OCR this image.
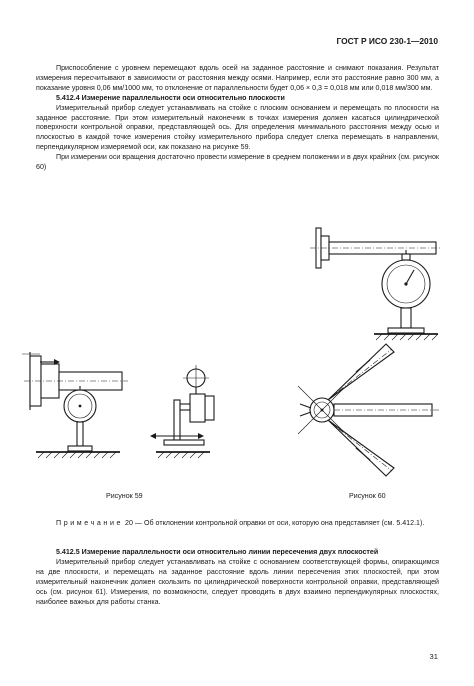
ГОСТ Р ИСО 230-1—2010

Приспособление с уровнем перемещают вдоль осей на заданное расстояние и снимают показания. Результат измерения пересчитывают в зависимости от расстояния между осями. Например, если это расстояние равно 300 мм, а показание уровня 0,06 мм/1000 мм, то отклонение от параллельности будет 0,06 × 0,3 = 0,018 мм или 0,018 мм/300 мм.

5.412.4 Измерение параллельности оси относительно плоскости

Измерительный прибор следует устанавливать на стойке с плоским основанием и перемещать по плоскости на заданное расстояние. При этом измерительный наконечник в точках измерения должен касаться цилиндрической поверхности контрольной оправки, представляющей ось. Для определения минимального расстояния между осью и плоскостью в каждой точке измерения стойку измерительного прибора следует слегка перемещать в направлении, перпендикулярном измеряемой оси, как показано на рисунке 59.

При измерении оси вращения достаточно провести измерение в среднем положении и в двух крайних (см. рисунок 60)

Рисунок 59	Рисунок 60
Примечание 20 — Об отклонении контрольной оправки от оси, которую она представляет (см. 5.412.1).

5.412.5 Измерение параллельности оси относительно линии пересечения двух плоскостей

Измерительный прибор следует устанавливать на стойке с основанием соответствующей формы, опирающимся на две плоскости, и перемещать на заданное расстояние вдоль линии пересечения этих плоскостей, при этом измерительный наконечник должен скользить по цилиндрической поверхности контрольной оправки, представляющей ось (см. рисунок 61). Измерения, по возможности, следует проводить в двух взаимно перпендикулярных плоскостях, наиболее важных для работы станка.

31
